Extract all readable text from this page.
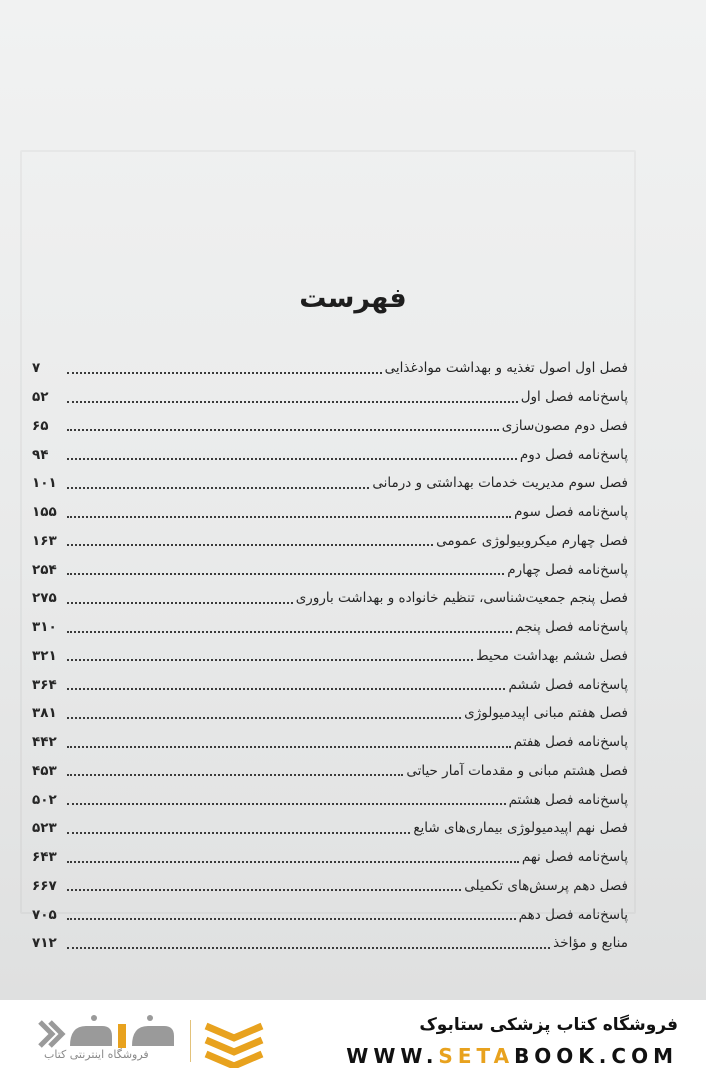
فهرست
فصل اول اصول تغذیه و بهداشت موادغذایی
۷
پاسخ‌نامه فصل اول
۵۲
فصل دوم مصون‌سازی
۶۵
پاسخ‌نامه فصل دوم
۹۴
فصل سوم مدیریت خدمات بهداشتی و درمانی
۱۰۱
پاسخ‌نامه فصل سوم
۱۵۵
فصل چهارم میکروبیولوژی عمومی
۱۶۳
پاسخ‌نامه فصل چهارم
۲۵۴
فصل پنجم جمعیت‌شناسی، تنظیم خانواده و بهداشت باروری
۲۷۵
پاسخ‌نامه فصل پنجم
۳۱۰
فصل ششم بهداشت محیط
۳۲۱
پاسخ‌نامه فصل ششم
۳۶۴
فصل هفتم مبانی اپیدمیولوژی
۳۸۱
پاسخ‌نامه فصل هفتم
۴۴۲
فصل هشتم مبانی و مقدمات آمار حیاتی
۴۵۳
پاسخ‌نامه فصل هشتم
۵۰۲
فصل نهم اپیدمیولوژی بیماری‌های شایع
۵۲۳
پاسخ‌نامه فصل نهم
۶۴۳
فصل دهم پرسش‌های تکمیلی
۶۶۷
پاسخ‌نامه فصل دهم
۷۰۵
منابع و مؤاخذ
۷۱۲
فروشگاه اینترنتی کتاب
فروشگاه کتاب پزشکی ستابوک
WWW.SETABOOK.COM
